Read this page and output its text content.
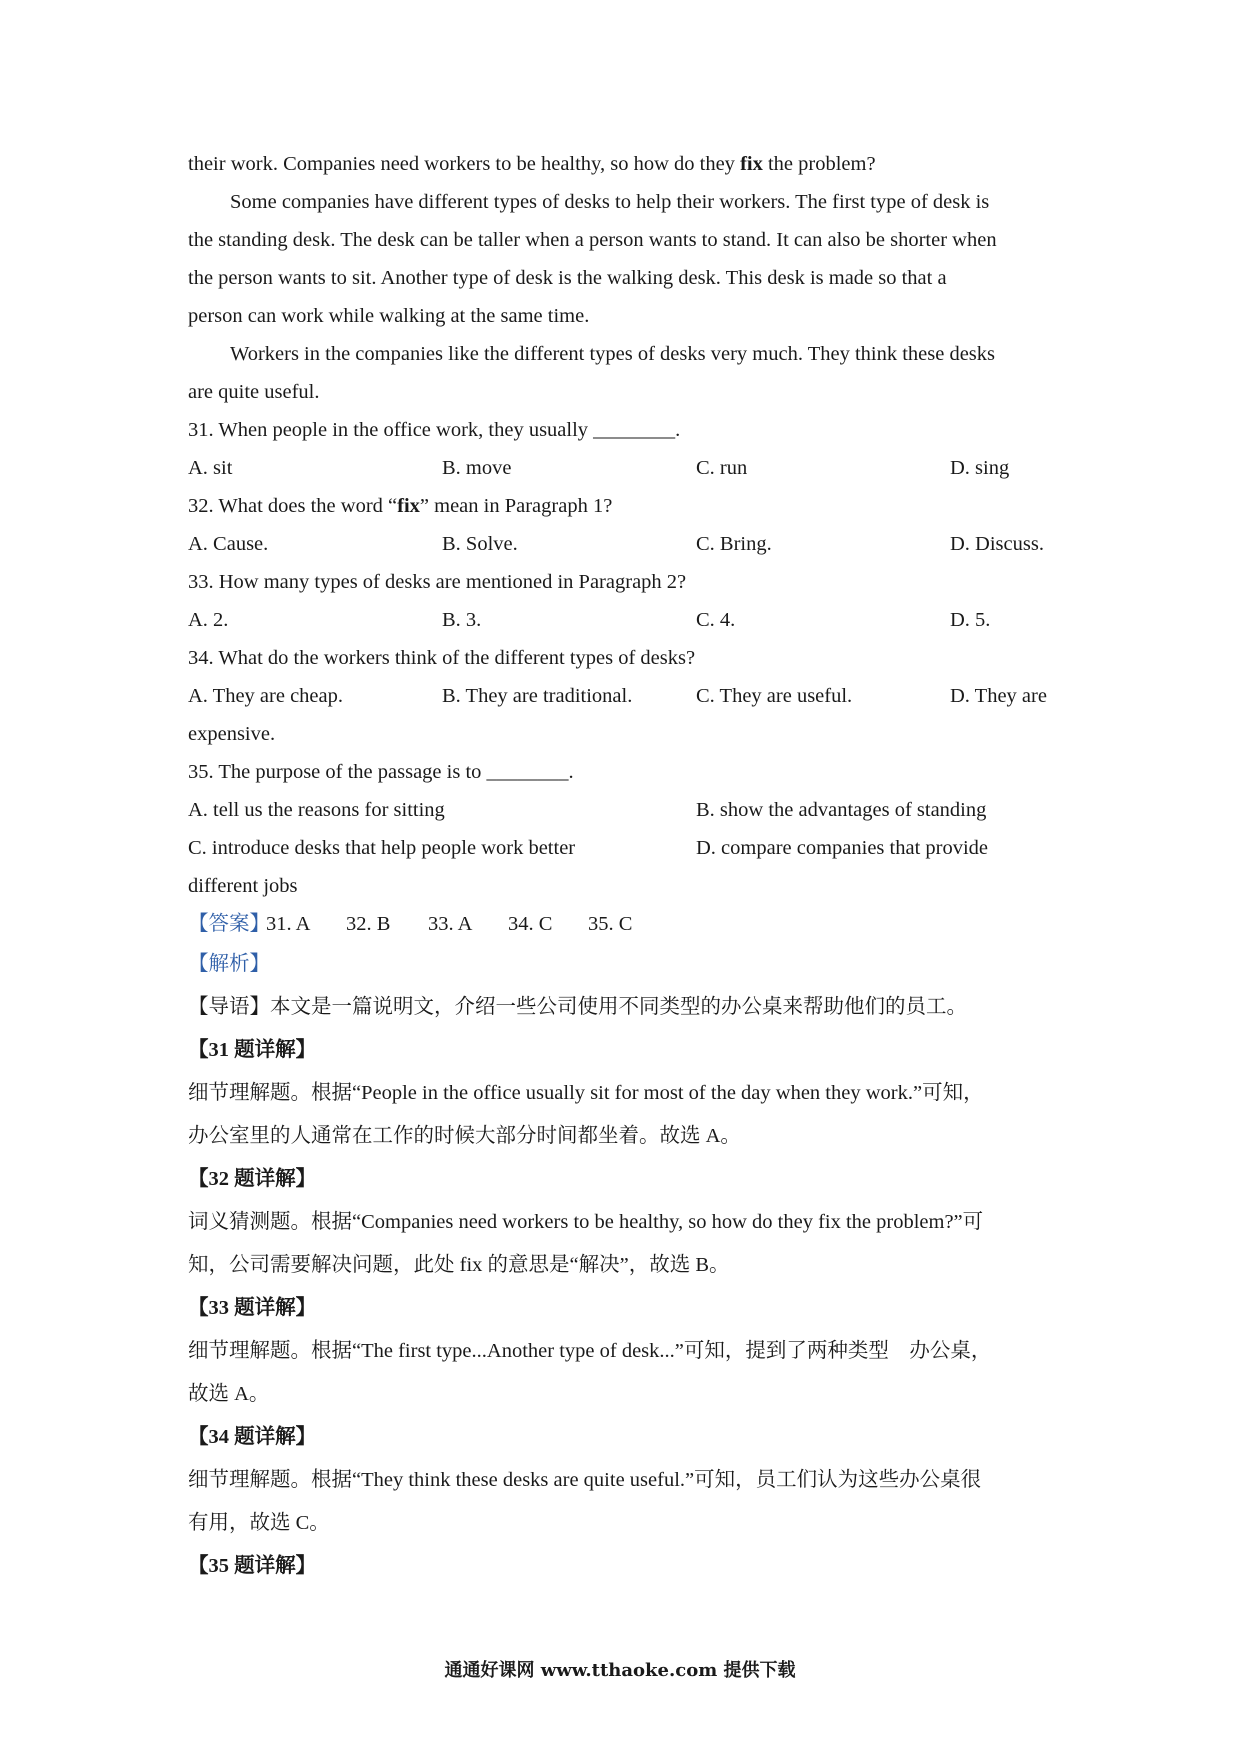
their work. Companies need workers to be healthy, so how do they fix the problem?
Some companies have different types of desks to help their workers. The first type of desk is
the standing desk. The desk can be taller when a person wants to stand. It can also be shorter when
the person wants to sit. Another type of desk is the walking desk. This desk is made so that a
person can work while walking at the same time.
Workers in the companies like the different types of desks very much. They think these desks
are quite useful.
31. When people in the office work, they usually ________.
A. sit	B. move	C. run	D. sing
32. What does the word “fix” mean in Paragraph 1?
A. Cause.	B. Solve.	C. Bring.	D. Discuss.
33. How many types of desks are mentioned in Paragraph 2?
A. 2.	B. 3.	C. 4.	D. 5.
34. What do the workers think of the different types of desks?
A. They are cheap.	B. They are traditional.	C. They are useful.	D. They are
expensive.
35. The purpose of the passage is to ________.
A. tell us the reasons for sitting	B. show the advantages of standing
C. introduce desks that help people work better	D. compare companies that provide
different jobs
【答案】
31. A 32. B 33. A 34. C 35. C
【解析】
【导语】本文是一篇说明文，介绍一些公司使用不同类型的办公桌来帮助他们的员工。
【31 题详解】
细节理解题。根据“People in the office usually sit for most of the day when they work.”可知，
办公室里的人通常在工作的时候大部分时间都坐着。故选 A。
【32 题详解】
词义猜测题。根据“Companies need workers to be healthy, so how do they fix the problem?”可
知，公司需要解决问题，此处 fix 的意思是“解决”，故选 B。
【33 题详解】
细节理解题。根据“The first type...Another type of desk...”可知，提到了两种类型　办公桌，
故选 A。
【34 题详解】
细节理解题。根据“They think these desks are quite useful.”可知，员工们认为这些办公桌很
有用，故选 C。
【35 题详解】
通通好课网 www.tthaoke.com 提供下载
